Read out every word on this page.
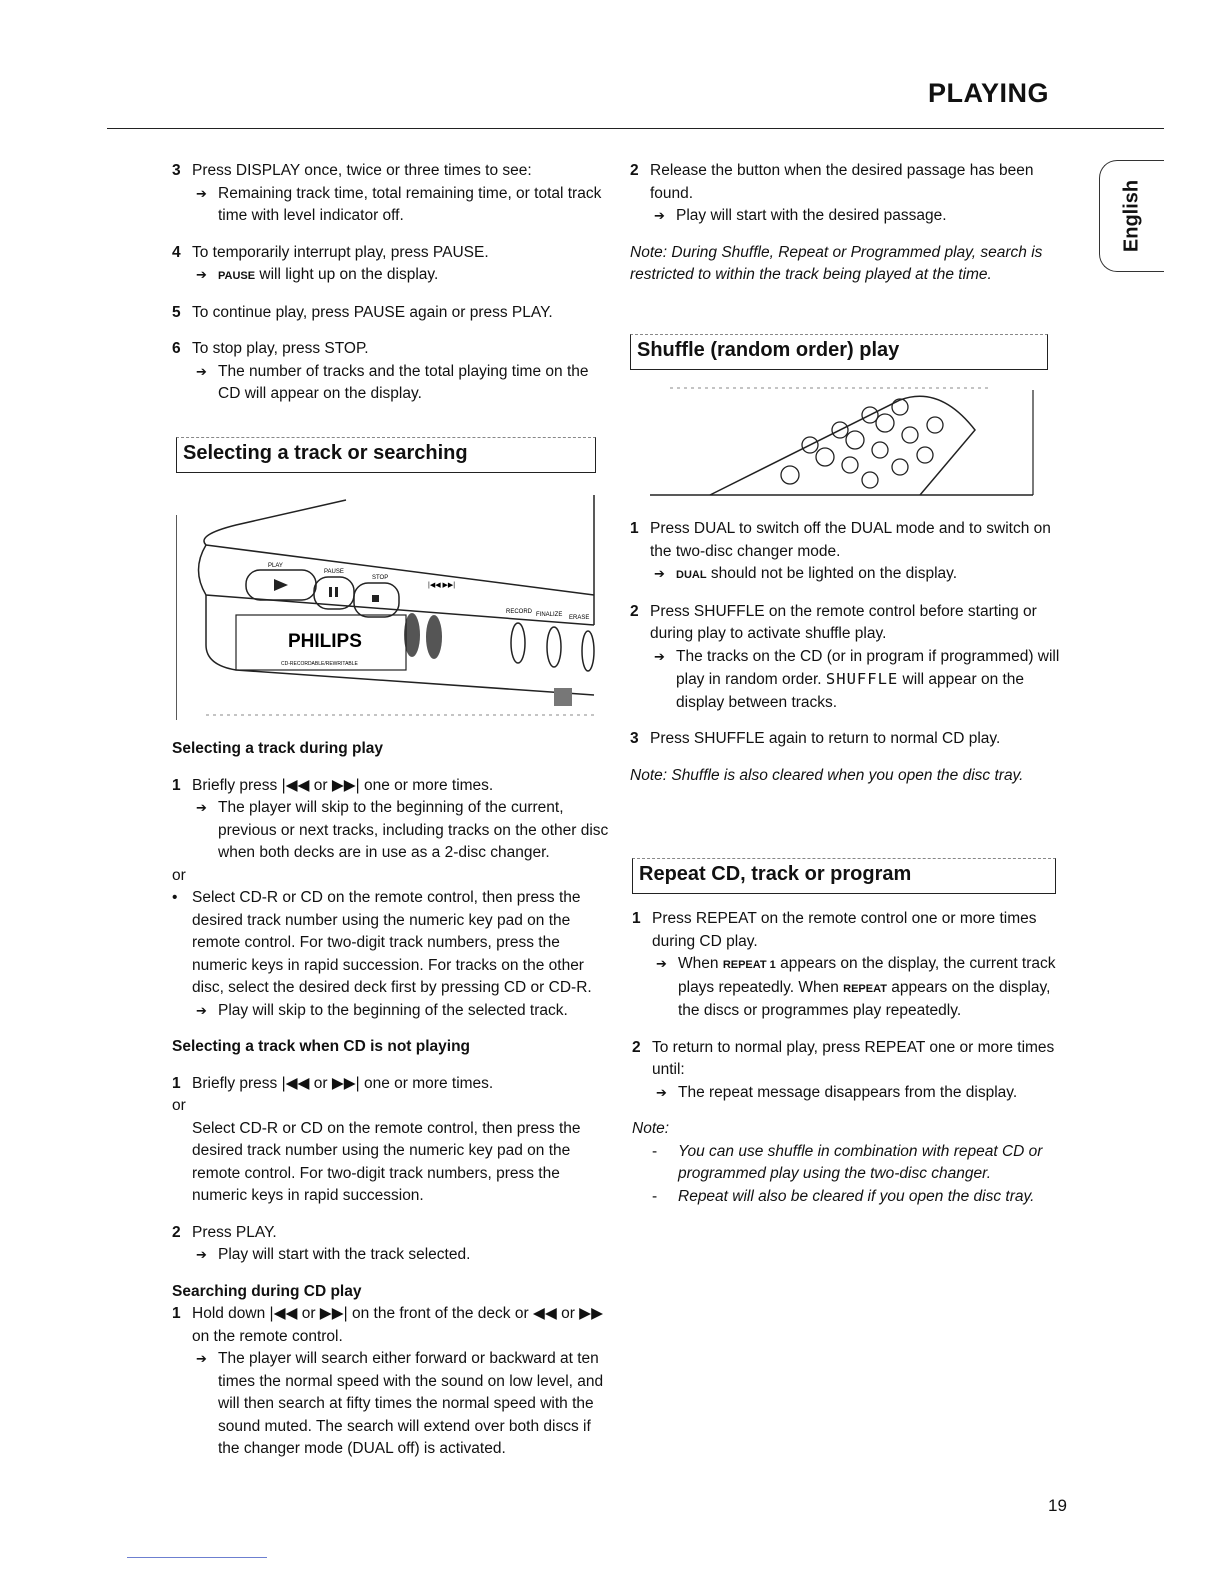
PLAYING
English

3 Press DISPLAY once, twice or three times to see:

➔ Remaining track time, total remaining time, or total track time with level indicator off.

4 To temporarily interrupt play, press PAUSE.

➔ PAUSE will light up on the display.

5 To continue play, press PAUSE again or press PLAY.

6 To stop play, press STOP.

➔ The number of tracks and the total playing time on the CD will appear on the display.

Selecting a track or searching
PLAY
PAUSE
STOP
|◀◀ ▶▶|
RECORD FINALIZE ERASE
PHILIPS
CD-RECORDABLE/REWRITABLE

Selecting a track during play

1 Briefly press |◀◀ or ▶▶| one or more times.

➔ The player will skip to the beginning of the current, previous or next tracks, including tracks on the other disc when both decks are in use as a 2-disc changer.

or

• Select CD-R or CD on the remote control, then press the desired track number using the numeric key pad on the remote control. For two-digit track numbers, press the numeric keys in rapid succession. For tracks on the other disc, select the desired deck first by pressing CD or CD-R.

➔ Play will skip to the beginning of the selected track.

Selecting a track when CD is not playing

1 Briefly press |◀◀ or ▶▶| one or more times.

or

Select CD-R or CD on the remote control, then press the desired track number using the numeric key pad on the remote control. For two-digit track numbers, press the numeric keys in rapid succession.

2 Press PLAY.

➔ Play will start with the track selected.

Searching during CD play

1 Hold down |◀◀ or ▶▶| on the front of the deck or ◀◀ or ▶▶ on the remote control.

➔ The player will search either forward or backward at ten times the normal speed with the sound on low level, and will then search at fifty times the normal speed with the sound muted. The search will extend over both discs if the changer mode (DUAL off) is activated.

2 Release the button when the desired passage has been found.

➔ Play will start with the desired passage.

Note: During Shuffle, Repeat or Programmed play, search is restricted to within the track being played at the time.

Shuffle (random order) play

1 Press DUAL to switch off the DUAL mode and to switch on the two-disc changer mode.

➔ DUAL should not be lighted on the display.

2 Press SHUFFLE on the remote control before starting or during play to activate shuffle play.

➔ The tracks on the CD (or in program if programmed) will play in random order. SHUFFLE will appear on the display between tracks.

3 Press SHUFFLE again to return to normal CD play.

Note: Shuffle is also cleared when you open the disc tray.

Repeat CD, track or program

1 Press REPEAT on the remote control one or more times during CD play.

➔ When REPEAT 1 appears on the display, the current track plays repeatedly. When REPEAT appears on the display, the discs or programmes play repeatedly.

2 To return to normal play, press REPEAT one or more times until:

➔ The repeat message disappears from the display.

Note:

- You can use shuffle in combination with repeat CD or programmed play using the two-disc changer.

- Repeat will also be cleared if you open the disc tray.

19
